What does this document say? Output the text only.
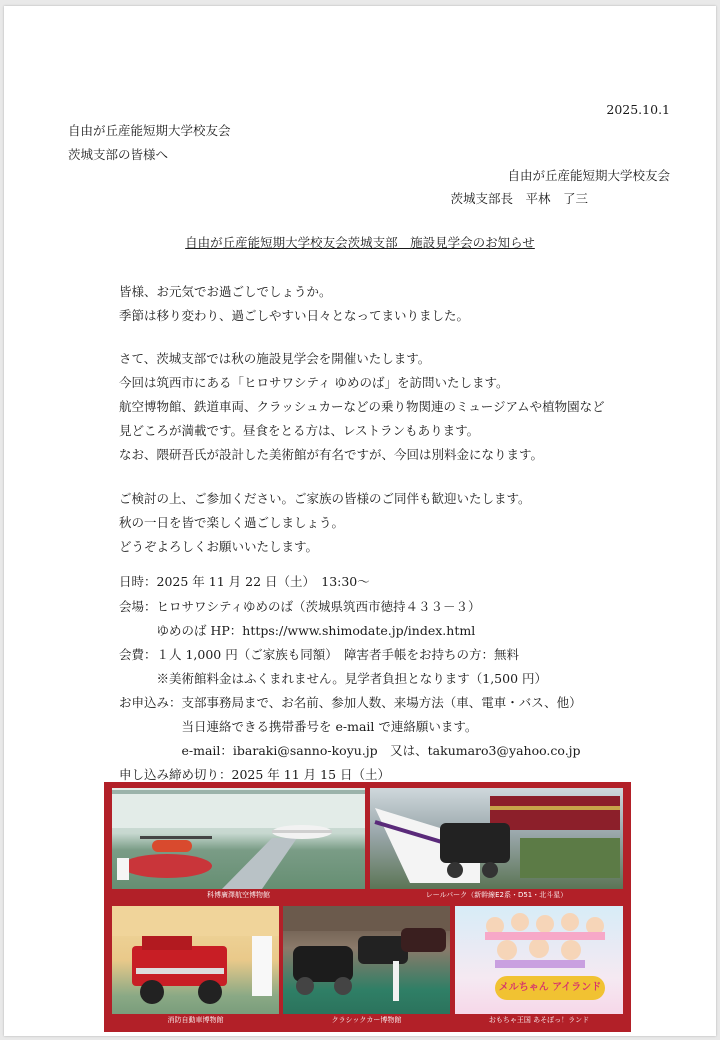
2025.10.1
自由が丘産能短期大学校友会
茨城支部の皆様へ
自由が丘産能短期大学校友会
茨城支部長　平林　了三
自由が丘産能短期大学校友会茨城支部　施設見学会のお知らせ
皆様、お元気でお過ごしでしょうか。
季節は移り変わり、過ごしやすい日々となってまいりました。
さて、茨城支部では秋の施設見学会を開催いたします。
今回は筑西市にある「ヒロサワシティ ゆめのば」を訪問いたします。
航空博物館、鉄道車両、クラッシュカーなどの乗り物関連のミュージアムや植物園など
見どころが満載です。昼食をとる方は、レストランもあります。
なお、隈研吾氏が設計した美術館が有名ですが、今回は別料金になります。
ご検討の上、ご参加ください。ご家族の皆様のご同伴も歓迎いたします。
秋の一日を皆で楽しく過ごしましょう。
どうぞよろしくお願いいたします。
日時：2025 年 11 月 22 日（土）　13:30～
会場：ヒロサワシティゆめのば（茨城県筑西市徳持４３３－３）
　　　ゆめのば HP：https://www.shimodate.jp/index.html
会費：１人 1,000 円（ご家族も同額）　障害者手帳をお持ちの方：無料
　　　※美術館料金はふくまれません。見学者負担となります（1,500 円）
お申込み：支部事務局まで、お名前、参加人数、来場方法（車、電車・バス、他）
　　　　　当日連絡できる携帯番号を e-mail で連絡願います。
　　　　　e-mail：ibaraki@sanno-koyu.jp　又は、takumaro3@yahoo.co.jp
申し込み締め切り：2025 年 11 月 15 日（土）
科博廣澤航空博物館	レールパーク（新幹線E2系・D51・北斗星）
消防自動車博物館	クラシックカー博物館
メルちゃん アイランド
おもちゃ王国 あそぼっ！ランド
